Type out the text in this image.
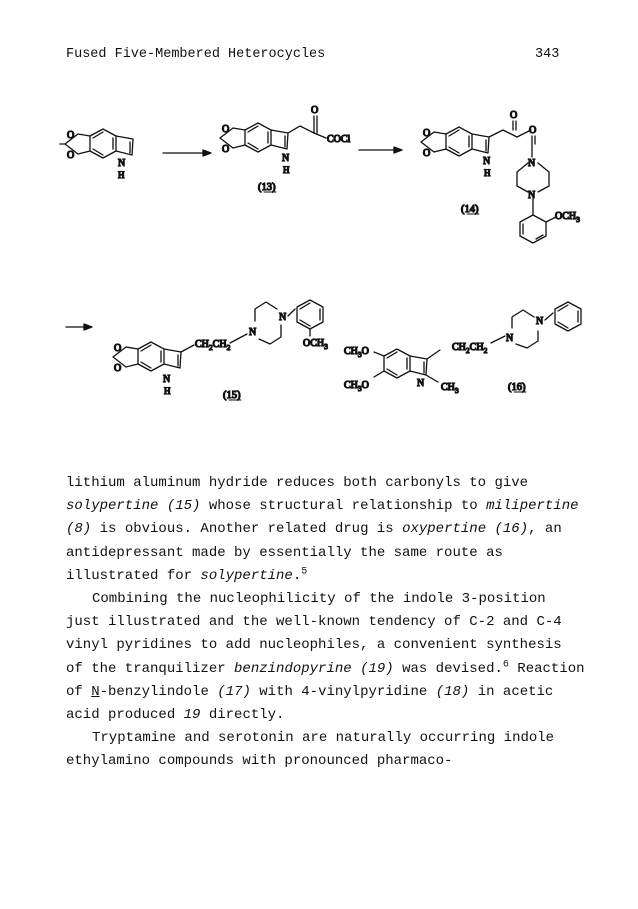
Fused Five-Membered Heterocycles	343
O
O
N
H
O
O
O
COCl
N
H
(13)
O
O
O
O
N
H
N
N
$OCH_3$
(14)
O
O
N
H
$CH_2CH_2$
N
N
$OCH_3$
(15)
$CH_3O$
$CH_3O$	N $CH_3$
$CH_2CH_2$
N
N
(16)

lithium aluminum hydride reduces both carbonyls to give solypertine (15) whose structural relationship to milipertine (8) is obvious. Another related drug is oxypertine (16), an antidepressant made by essentially the same route as illustrated for solypertine.$^5$

Combining the nucleophilicity of the indole 3-position just illustrated and the well-known tendency of C-2 and C-4 vinyl pyridines to add nucleophiles, a convenient synthesis of the tranquilizer benzindopyrine (19) was devised.$^6$ Reaction of N-benzylindole (17) with 4-vinylpyridine (18) in acetic acid produced 19 directly.

Tryptamine and serotonin are naturally occurring indole ethylamino compounds with pronounced pharmaco-
